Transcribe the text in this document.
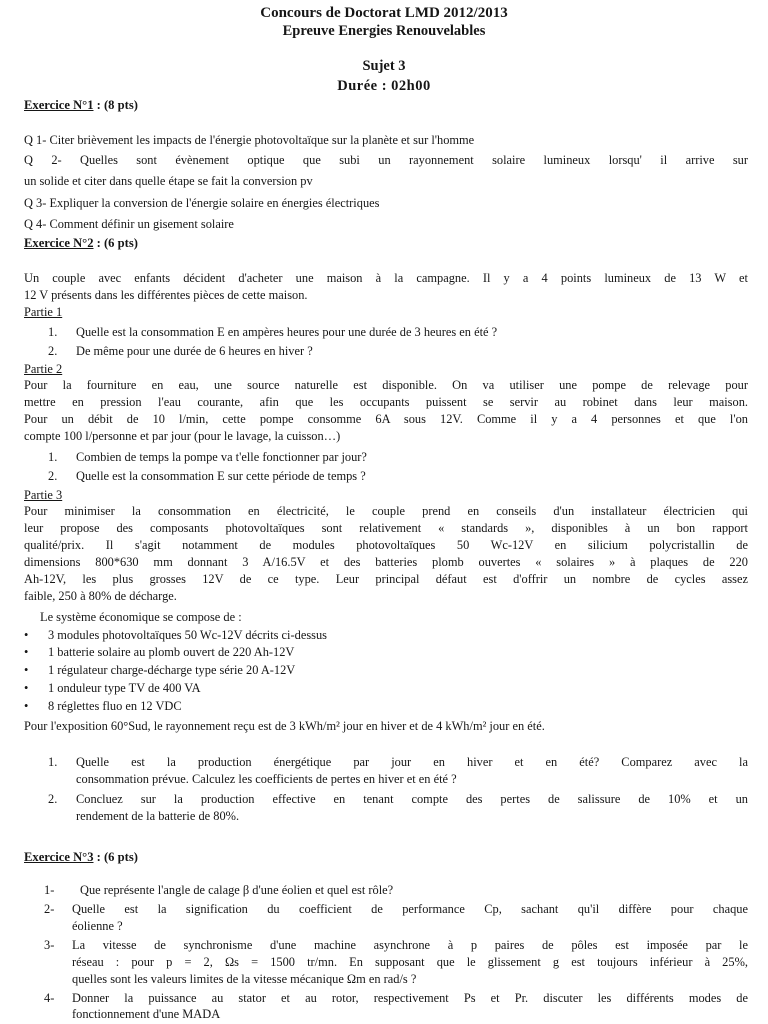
Concours de Doctorat LMD 2012/2013
Epreuve Energies Renouvelables
Sujet 3
Durée : 02h00
Exercice N°1 : (8 pts)
Q 1- Citer brièvement les impacts de l'énergie photovoltaïque sur la planète et sur l'homme
Q 2- Quelles sont évènement optique que subi un rayonnement solaire lumineux lorsqu' il arrive sur
un solide et citer dans quelle étape se fait la conversion pv
Q 3- Expliquer la conversion de l'énergie solaire en énergies électriques
Q 4- Comment définir un gisement solaire
Exercice N°2 : (6 pts)
Un couple avec enfants décident d'acheter une maison à la campagne. Il y a 4 points lumineux de 13 W et
12 V présents dans les différentes pièces de cette maison.
Partie 1
1.	Quelle est la consommation E en ampères heures pour une durée de 3 heures en été ?
2.	De même pour une durée de 6 heures en hiver ?
Partie 2
Pour la fourniture en eau, une source naturelle est disponible. On va utiliser une pompe de relevage pour
mettre en pression l'eau courante, afin que les occupants puissent se servir au robinet dans leur maison.
Pour un débit de 10 l/min, cette pompe consomme 6A sous 12V. Comme il y a 4 personnes et que l'on
compte 100 l/personne et par jour (pour le lavage, la cuisson…)
1.	Combien de temps la pompe va t'elle fonctionner par jour?
2.	Quelle est la consommation E sur cette période de temps ?
Partie 3
Pour minimiser la consommation en électricité, le couple prend en conseils d'un installateur électricien qui
leur propose des composants photovoltaïques sont relativement « standards », disponibles à un bon rapport
qualité/prix. Il s'agit notamment de modules photovoltaïques 50 Wc-12V en silicium polycristallin de
dimensions 800*630 mm donnant 3 A/16.5V et des batteries plomb ouvertes « solaires » à plaques de 220
Ah-12V, les plus grosses 12V de ce type. Leur principal défaut est d'offrir un nombre de cycles assez
faible, 250 à 80% de décharge.
Le système économique se compose de :
• 3 modules photovoltaïques 50 Wc-12V décrits ci-dessus
• 1 batterie solaire au plomb ouvert de 220 Ah-12V
• 1 régulateur charge-décharge type série 20 A-12V
• 1 onduleur type TV de 400 VA
• 8 réglettes fluo en 12 VDC
Pour l'exposition 60°Sud, le rayonnement reçu est de 3 kWh/m² jour en hiver et de 4 kWh/m² jour en été.
1.	Quelle est la production énergétique par jour en hiver et en été? Comparez avec la
consommation prévue. Calculez les coefficients de pertes en hiver et en été ?
2.	Concluez sur la production effective en tenant compte des pertes de salissure de 10% et un
rendement de la batterie de 80%.
Exercice N°3 : (6 pts)
1-	Que représente l'angle de calage β d'une éolien et quel est rôle?
2-	Quelle est la signification du coefficient de performance Cp, sachant qu'il diffère pour chaque
éolienne ?
3-	La vitesse de synchronisme d'une machine asynchrone à p paires de pôles est imposée par le
réseau : pour p = 2, Ωs = 1500 tr/mn. En supposant que le glissement g est toujours inférieur à 25%,
quelles sont les valeurs limites de la vitesse mécanique Ωm en rad/s ?
4-	Donner la puissance au stator et au rotor, respectivement Ps et Pr. discuter les différents modes de
fonctionnement d'une MADA
